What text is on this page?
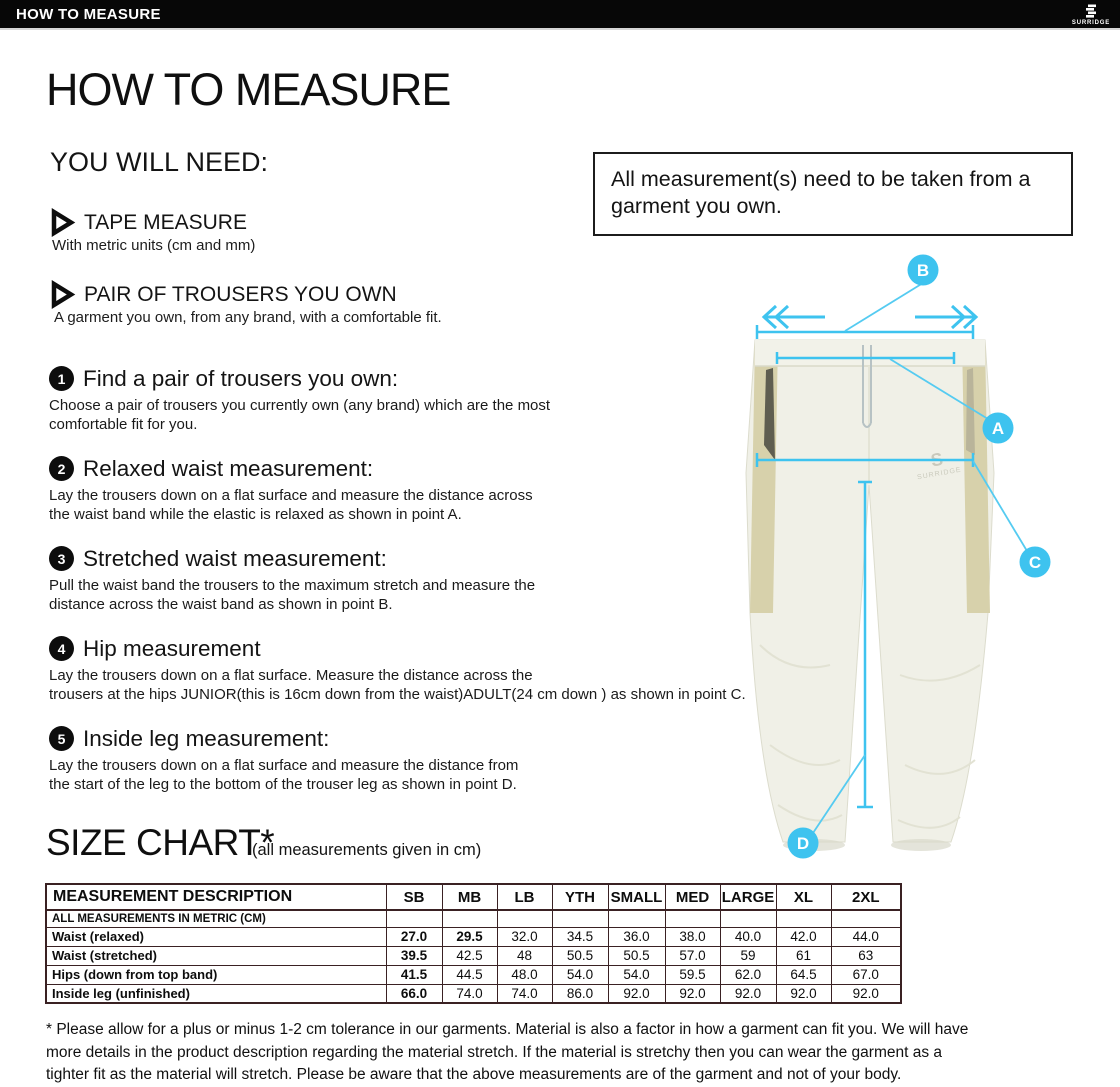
HOW TO MEASURE
SURRIDGE
HOW TO MEASURE
YOU WILL NEED:
TAPE MEASURE
With metric units (cm and mm)
PAIR OF TROUSERS YOU OWN
A garment you own, from any brand, with a comfortable fit.

All measurement(s) need to be taken from a garment you own.

1 Find a pair of trousers you own:
Choose a pair of trousers you currently own (any brand) which are the most
comfortable fit for you.
2 Relaxed waist measurement:
Lay the trousers down on a flat surface and measure the distance across
the waist band while the elastic is relaxed as shown in point A.
3 Stretched waist measurement:
Pull the waist band the trousers to the maximum stretch and measure the
distance across the waist band as shown in point B.
4 Hip measurement
Lay the trousers down on a flat surface. Measure the distance across the
trousers at the hips JUNIOR(this is 16cm down from the waist)ADULT(24 cm down ) as shown in point C.
5 Inside leg measurement:
Lay the trousers down on a flat surface and measure the distance from
the start of the leg to the bottom of the trouser leg as shown in point D.
S
SURRIDGE
B
A
C
D
SIZE CHART*
(all measurements given in cm)
MEASUREMENT DESCRIPTION	SB	MB	LB	YTH	SMALL	MED	LARGE	XL	2XL
ALL MEASUREMENTS IN METRIC (CM)									
Waist (relaxed)	27.0	29.5	32.0	34.5	36.0	38.0	40.0	42.0	44.0
Waist (stretched)	39.5	42.5	48	50.5	50.5	57.0	59	61	63
Hips (down from top band)	41.5	44.5	48.0	54.0	54.0	59.5	62.0	64.5	67.0
Inside leg (unfinished)	66.0	74.0	74.0	86.0	92.0	92.0	92.0	92.0	92.0
* Please allow for a plus or minus 1-2 cm tolerance in our garments. Material is also a factor in how a garment can fit you. We will have
more details in the product description regarding the material stretch. If the material is stretchy then you can wear the garment as a
tighter fit as the material will stretch. Please be aware that the above measurements are of the garment and not of your body.
